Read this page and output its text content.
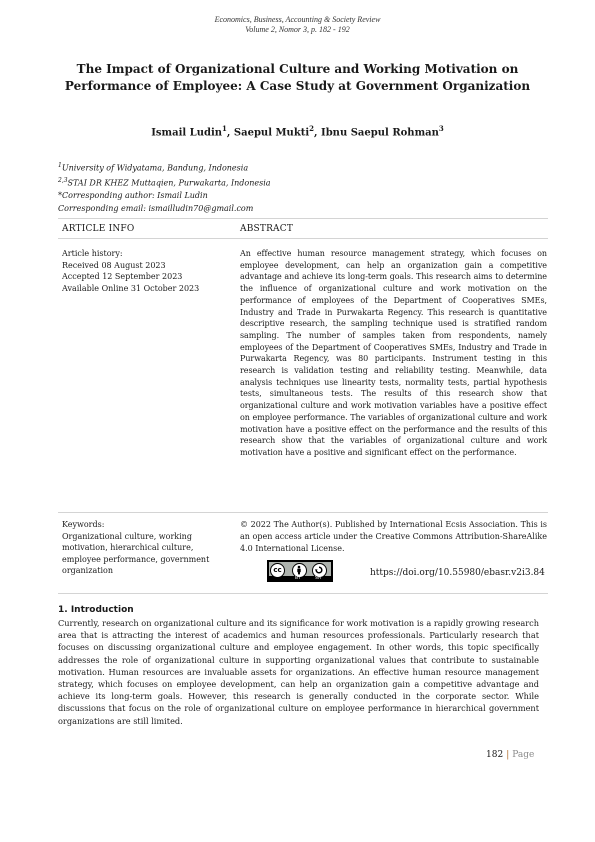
Economics, Business, Accounting & Society Review
Volume 2, Nomor 3, p. 182 - 192
The Impact of Organizational Culture and Working Motivation on Performance of Employee: A Case Study at Government Organization
Ismail Ludin$^1$, Saepul Mukti$^2$, Ibnu Saepul Rohman$^3$
$^1$University of Widyatama, Bandung, Indonesia
$^{2,3}$STAI DR KHEZ Muttaqien, Purwakarta, Indonesia
*Corresponding author: Ismail Ludin
Corresponding email: ismailludin70@gmail.com
ARTICLE INFO	ABSTRACT
Article history:
Received 08 August 2023
Accepted 12 September 2023
Available Online 31 October 2023
An effective human resource management strategy, which focuses on employee development, can help an organization gain a competitive advantage and achieve its long-term goals. This research aims to determine the influence of organizational culture and work motivation on the performance of employees of the Department of Cooperatives SMEs, Industry and Trade in Purwakarta Regency. This research is quantitative descriptive research, the sampling technique used is stratified random sampling. The number of samples taken from respondents, namely employees of the Department of Cooperatives SMEs, Industry and Trade in Purwakarta Regency, was 80 participants. Instrument testing in this research is validation testing and reliability testing. Meanwhile, data analysis techniques use linearity tests, normality tests, partial hypothesis tests, simultaneous tests. The results of this research show that organizational culture and work motivation variables have a positive effect on employee performance. The variables of organizational culture and work motivation have a positive effect on the performance and the results of this research show that the variables of organizational culture and work motivation have a positive and significant effect on the performance.
Keywords:
Organizational culture, working motivation, hierarchical culture, employee performance, government organization
© 2022 The Author(s). Published by International Ecsis Association. This is an open access article under the Creative Commons Attribution-ShareAlike 4.0 International License.
cc
BY	SA
https://doi.org/10.55980/ebasr.v2i3.84
1. Introduction
Currently, research on organizational culture and its significance for work motivation is a rapidly growing research area that is attracting the interest of academics and human resources professionals. Particularly research that focuses on discussing organizational culture and employee engagement. In other words, this topic specifically addresses the role of organizational culture in supporting organizational values that contribute to sustainable motivation. Human resources are invaluable assets for organizations. An effective human resource management strategy, which focuses on employee development, can help an organization gain a competitive advantage and achieve its long-term goals. However, this research is generally conducted in the corporate sector. While discussions that focus on the role of organizational culture on employee performance in hierarchical government organizations are still limited.
182 | Page
